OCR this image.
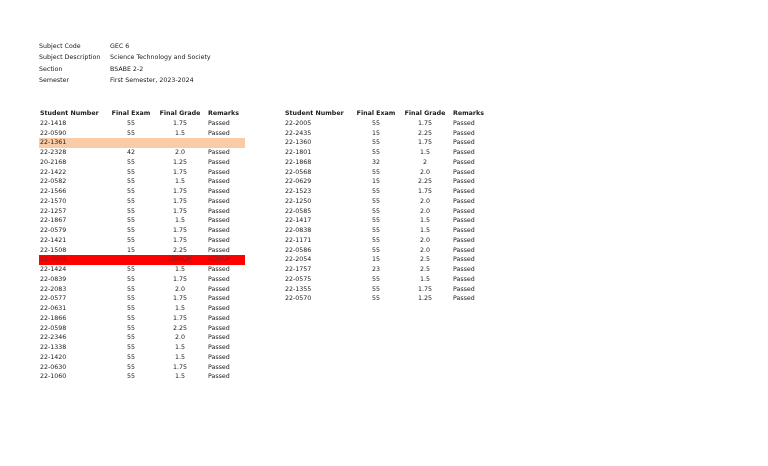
Subject Code	GEC 6
Subject Description Science Technology and Society
Section	BSABE 2-2
Semester	First Semester, 2023-2024
Student Number	Final Exam	Final Grade	Remarks
22-1418	55	1.75	Passed
22-0590	55	1.5	Passed
22-1361
22-2328	42	2.0	Passed
20-2168	55	1.25	Passed
22-1422	55	1.75	Passed
22-0582	55	1.5	Passed
22-1566	55	1.75	Passed
22-1570	55	1.75	Passed
22-1257	55	1.75	Passed
22-1867	55	1.5	Passed
22-0579	55	1.75	Passed
22-1421	55	1.75	Passed
22-1508	15	2.25	Passed
22-0609	UDROP	UDROP
22-1424	55	1.5	Passed
22-0839	55	1.75	Passed
22-2083	55	2.0	Passed
22-0577	55	1.75	Passed
22-0631	55	1.5	Passed
22-1866	55	1.75	Passed
22-0598	55	2.25	Passed
22-2346	55	2.0	Passed
22-1338	55	1.5	Passed
22-1420	55	1.5	Passed
22-0630	55	1.75	Passed
22-1060	55	1.5	Passed
Student Number	Final Exam	Final Grade	Remarks
22-2005	55	1.75	Passed
22-2435	15	2.25	Passed
22-1360	55	1.75	Passed
22-1801	55	1.5	Passed
22-1868	32	2	Passed
22-0568	55	2.0	Passed
22-0629	15	2.25	Passed
22-1523	55	1.75	Passed
22-1250	55	2.0	Passed
22-0585	55	2.0	Passed
22-1417	55	1.5	Passed
22-0838	55	1.5	Passed
22-1171	55	2.0	Passed
22-0586	55	2.0	Passed
22-2054	15	2.5	Passed
22-1757	23	2.5	Passed
22-0575	55	1.5	Passed
22-1355	55	1.75	Passed
22-0570	55	1.25	Passed
